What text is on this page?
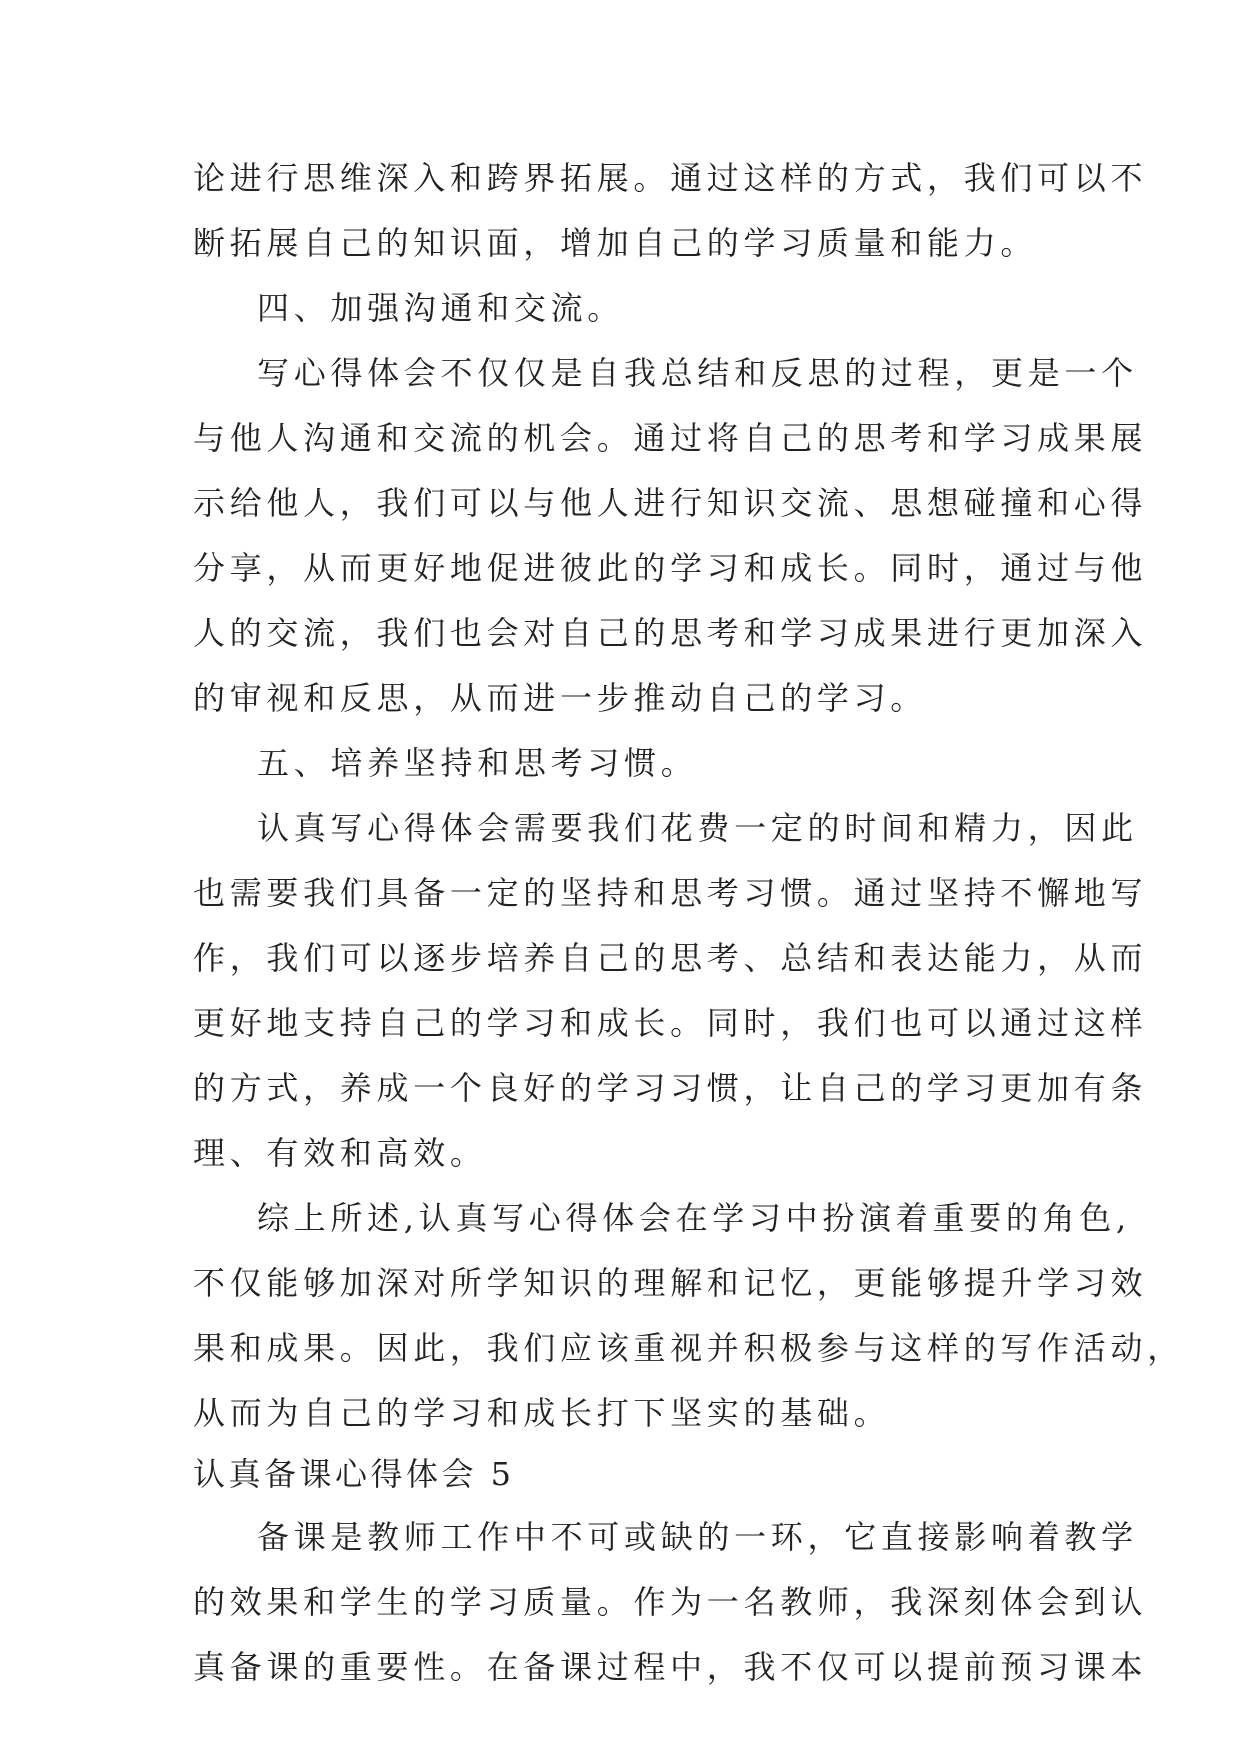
论进行思维深入和跨界拓展。通过这样的方式，我们可以不
断拓展自己的知识面，增加自己的学习质量和能力。
四、加强沟通和交流。
写心得体会不仅仅是自我总结和反思的过程，更是一个
与他人沟通和交流的机会。通过将自己的思考和学习成果展
示给他人，我们可以与他人进行知识交流、思想碰撞和心得
分享，从而更好地促进彼此的学习和成长。同时，通过与他
人的交流，我们也会对自己的思考和学习成果进行更加深入
的审视和反思，从而进一步推动自己的学习。
五、培养坚持和思考习惯。
认真写心得体会需要我们花费一定的时间和精力，因此
也需要我们具备一定的坚持和思考习惯。通过坚持不懈地写
作，我们可以逐步培养自己的思考、总结和表达能力，从而
更好地支持自己的学习和成长。同时，我们也可以通过这样
的方式，养成一个良好的学习习惯，让自己的学习更加有条
理、有效和高效。
综上所述,认真写心得体会在学习中扮演着重要的角色,
不仅能够加深对所学知识的理解和记忆，更能够提升学习效
果和成果。因此，我们应该重视并积极参与这样的写作活动，
从而为自己的学习和成长打下坚实的基础。
认真备课心得体会 5
备课是教师工作中不可或缺的一环，它直接影响着教学
的效果和学生的学习质量。作为一名教师，我深刻体会到认
真备课的重要性。在备课过程中，我不仅可以提前预习课本
